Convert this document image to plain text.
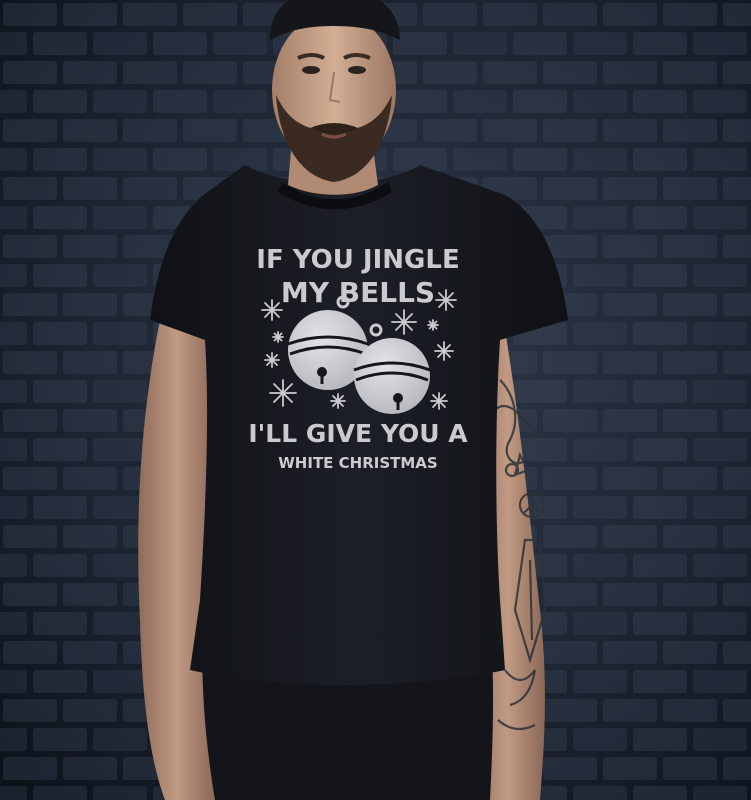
IF YOU JINGLE
MY BELLS
I'LL GIVE YOU A
WHITE CHRISTMAS
